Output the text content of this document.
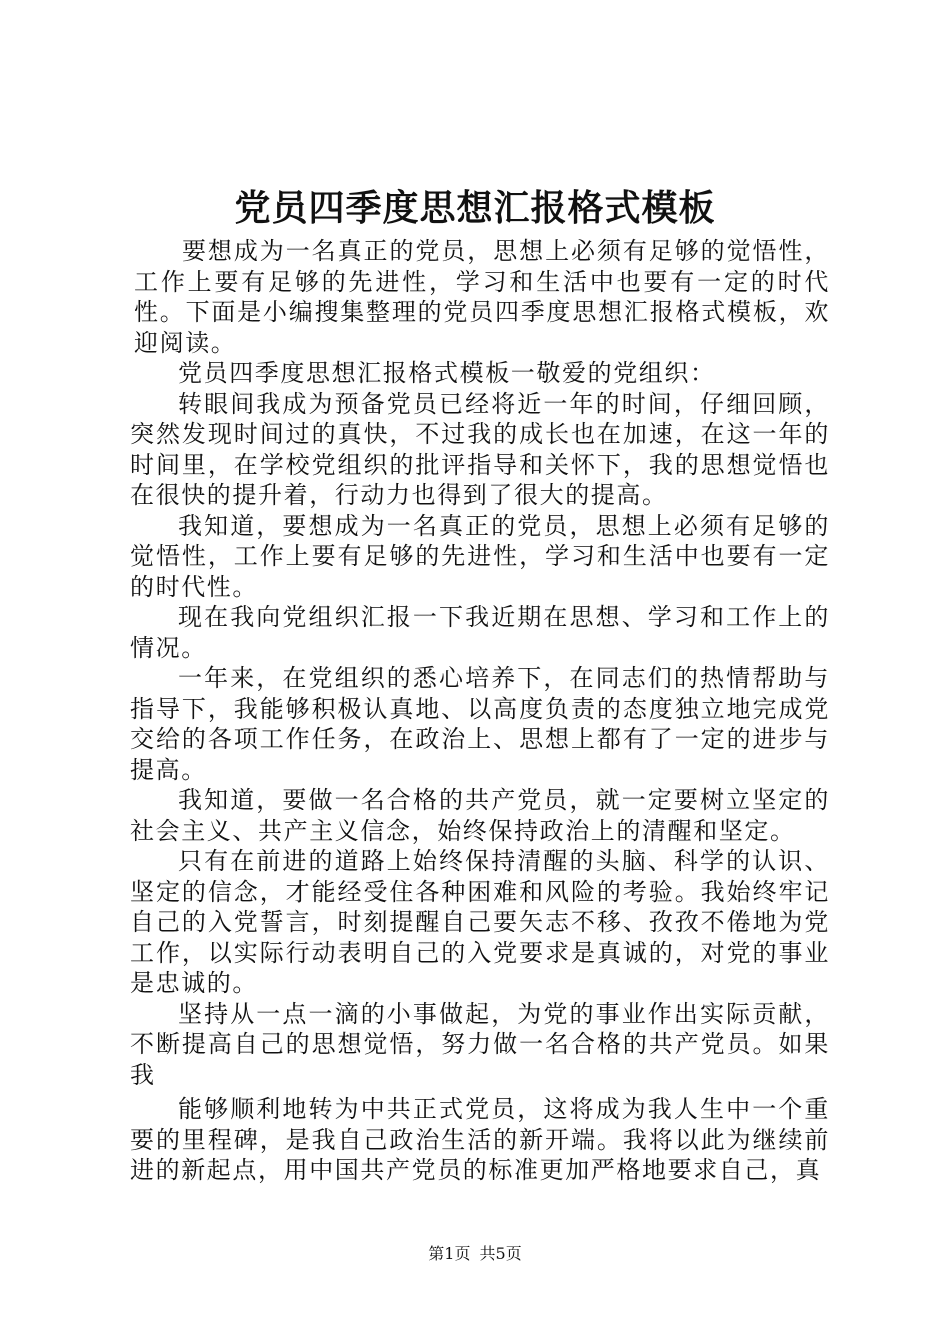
党员四季度思想汇报格式模板

要想成为一名真正的党员，思想上必须有足够的觉悟性，工作上要有足够的先进性，学习和生活中也要有一定的时代性。下面是小编搜集整理的党员四季度思想汇报格式模板，欢迎阅读。

党员四季度思想汇报格式模板一敬爱的党组织：

转眼间我成为预备党员已经将近一年的时间，仔细回顾，突然发现时间过的真快，不过我的成长也在加速，在这一年的时间里，在学校党组织的批评指导和关怀下，我的思想觉悟也在很快的提升着，行动力也得到了很大的提高。

我知道，要想成为一名真正的党员，思想上必须有足够的觉悟性，工作上要有足够的先进性，学习和生活中也要有一定的时代性。

现在我向党组织汇报一下我近期在思想、学习和工作上的情况。

一年来，在党组织的悉心培养下，在同志们的热情帮助与指导下，我能够积极认真地、以高度负责的态度独立地完成党交给的各项工作任务，在政治上、思想上都有了一定的进步与提高。

我知道，要做一名合格的共产党员，就一定要树立坚定的社会主义、共产主义信念，始终保持政治上的清醒和坚定。

只有在前进的道路上始终保持清醒的头脑、科学的认识、坚定的信念，才能经受住各种困难和风险的考验。我始终牢记自己的入党誓言，时刻提醒自己要矢志不移、孜孜不倦地为党工作，以实际行动表明自己的入党要求是真诚的，对党的事业是忠诚的。

坚持从一点一滴的小事做起，为党的事业作出实际贡献，不断提高自己的思想觉悟，努力做一名合格的共产党员。如果我

能够顺利地转为中共正式党员，这将成为我人生中一个重要的里程碑，是我自己政治生活的新开端。我将以此为继续前进的新起点，用中国共产党员的标准更加严格地要求自己，真

第1页 共5页
